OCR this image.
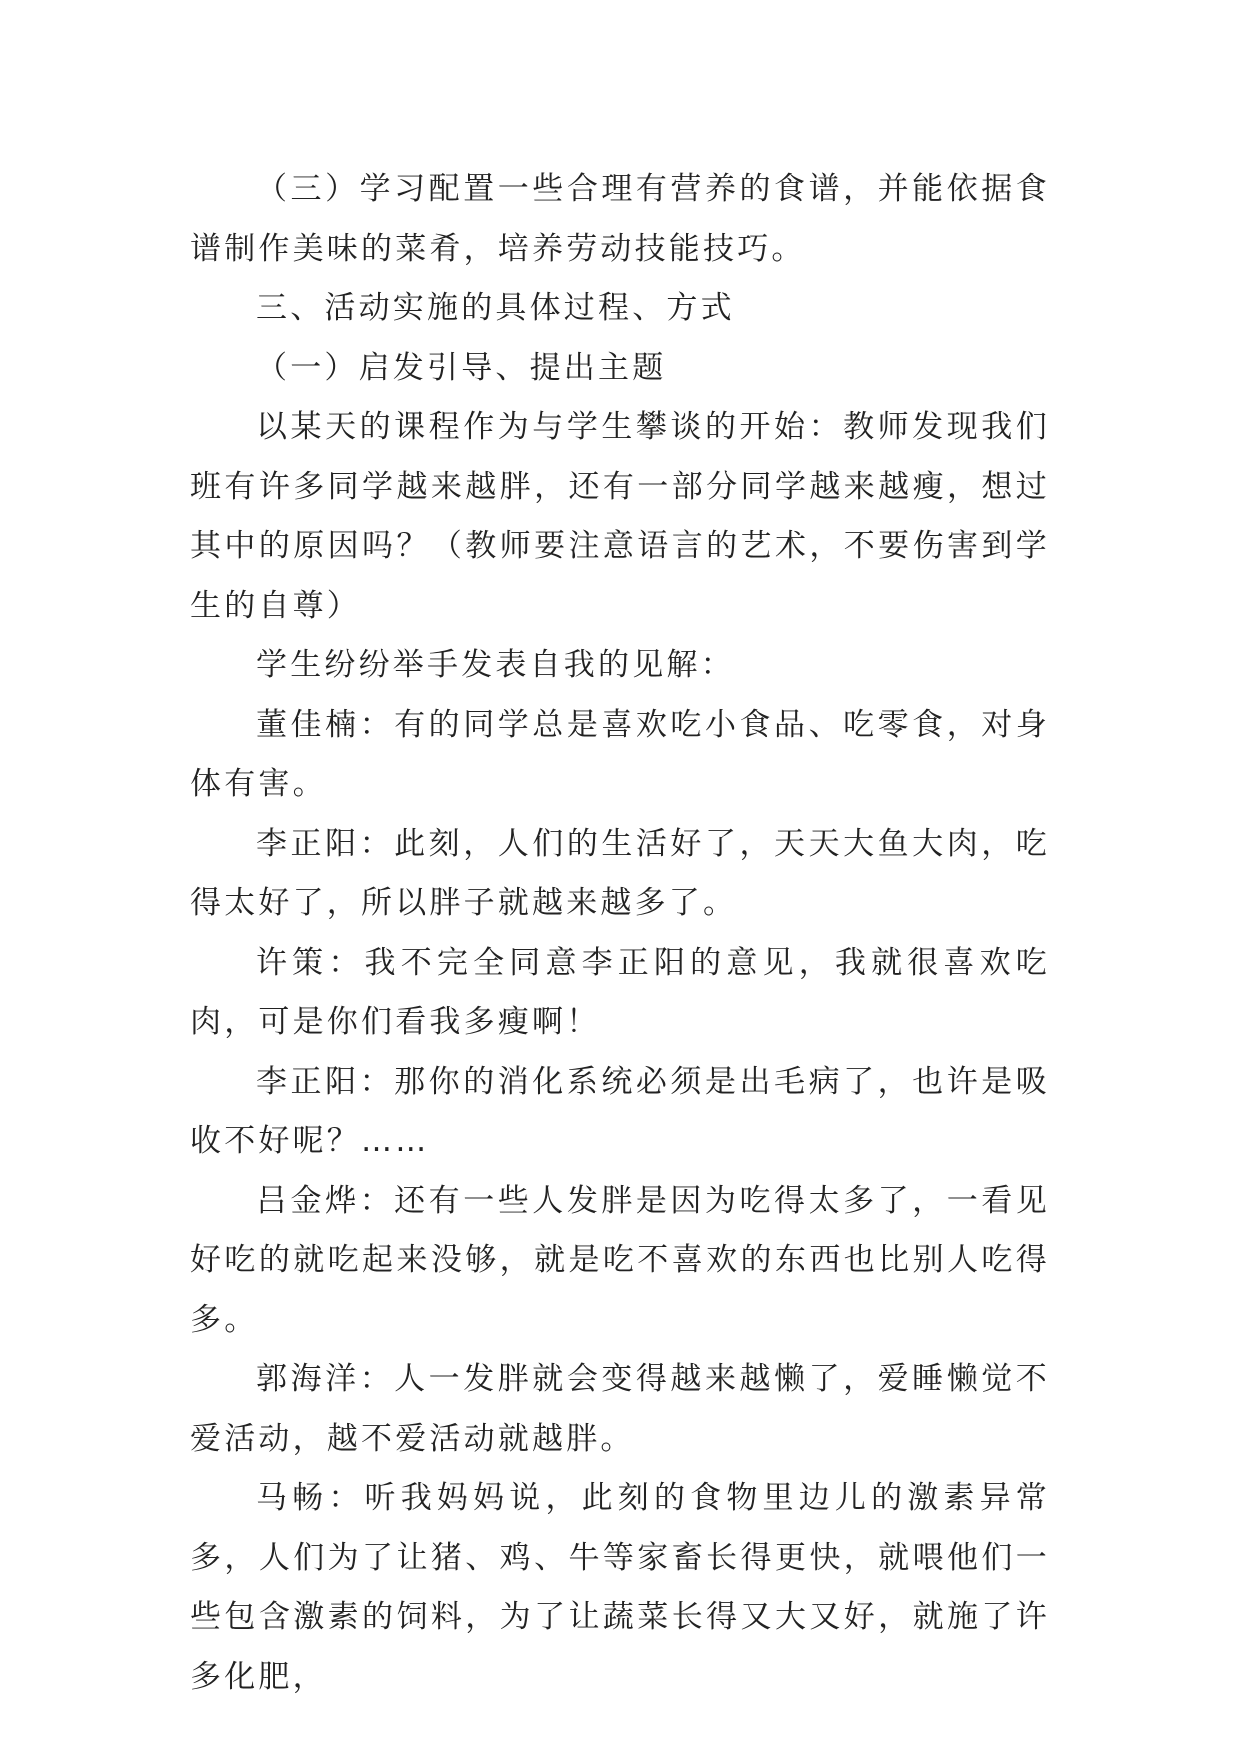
（三）学习配置一些合理有营养的食谱，并能依据食谱制作美味的菜肴，培养劳动技能技巧。

三、活动实施的具体过程、方式

（一）启发引导、提出主题

以某天的课程作为与学生攀谈的开始：教师发现我们班有许多同学越来越胖，还有一部分同学越来越瘦，想过其中的原因吗？（教师要注意语言的艺术，不要伤害到学生的自尊）

学生纷纷举手发表自我的见解：

董佳楠：有的同学总是喜欢吃小食品、吃零食，对身体有害。

李正阳：此刻，人们的生活好了，天天大鱼大肉，吃得太好了，所以胖子就越来越多了。

许策：我不完全同意李正阳的意见，我就很喜欢吃肉，可是你们看我多瘦啊！

李正阳：那你的消化系统必须是出毛病了，也许是吸收不好呢？……

吕金烨：还有一些人发胖是因为吃得太多了，一看见好吃的就吃起来没够，就是吃不喜欢的东西也比别人吃得多。

郭海洋：人一发胖就会变得越来越懒了，爱睡懒觉不爱活动，越不爱活动就越胖。

马畅：听我妈妈说，此刻的食物里边儿的激素异常多，人们为了让猪、鸡、牛等家畜长得更快，就喂他们一些包含激素的饲料，为了让蔬菜长得又大又好，就施了许多化肥，
